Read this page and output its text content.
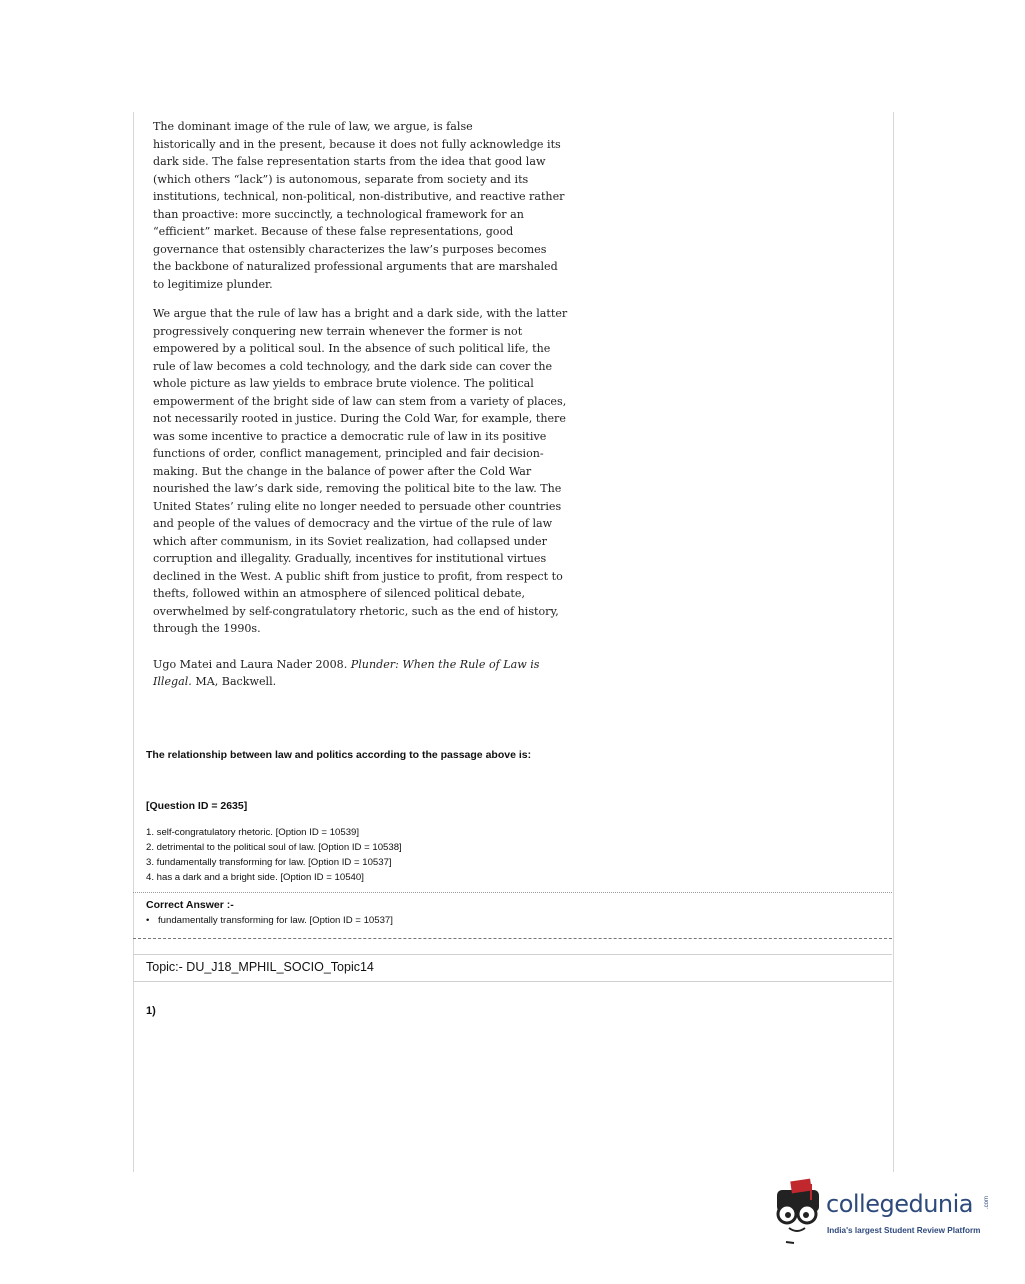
The dominant image of the rule of law, we argue, is false
historically and in the present, because it does not fully acknowledge its
dark side. The false representation starts from the idea that good law
(which others “lack”) is autonomous, separate from society and its
institutions, technical, non-political, non-distributive, and reactive rather
than proactive: more succinctly, a technological framework for an
“efficient” market. Because of these false representations, good
governance that ostensibly characterizes the law’s purposes becomes
the backbone of naturalized professional arguments that are marshaled
to legitimize plunder.

We argue that the rule of law has a bright and a dark side, with the latter
progressively conquering new terrain whenever the former is not
empowered by a political soul. In the absence of such political life, the
rule of law becomes a cold technology, and the dark side can cover the
whole picture as law yields to embrace brute violence. The political
empowerment of the bright side of law can stem from a variety of places,
not necessarily rooted in justice. During the Cold War, for example, there
was some incentive to practice a democratic rule of law in its positive
functions of order, conflict management, principled and fair decision-
making. But the change in the balance of power after the Cold War
nourished the law’s dark side, removing the political bite to the law. The
United States’ ruling elite no longer needed to persuade other countries
and people of the values of democracy and the virtue of the rule of law
which after communism, in its Soviet realization, had collapsed under
corruption and illegality. Gradually, incentives for institutional virtues
declined in the West. A public shift from justice to profit, from respect to
thefts, followed within an atmosphere of silenced political debate,
overwhelmed by self-congratulatory rhetoric, such as the end of history,
through the 1990s.

Ugo Matei and Laura Nader 2008. Plunder: When the Rule of Law is
Illegal. MA, Backwell.

The relationship between law and politics according to the passage above is:
[Question ID = 2635]
1. self-congratulatory rhetoric. [Option ID = 10539]
2. detrimental to the political soul of law. [Option ID = 10538]
3. fundamentally transforming for law. [Option ID = 10537]
4. has a dark and a bright side. [Option ID = 10540]
Correct Answer :-
• fundamentally transforming for law. [Option ID = 10537]
Topic:- DU_J18_MPHIL_SOCIO_Topic14
1)
collegedunia .com
India's largest Student Review Platform
